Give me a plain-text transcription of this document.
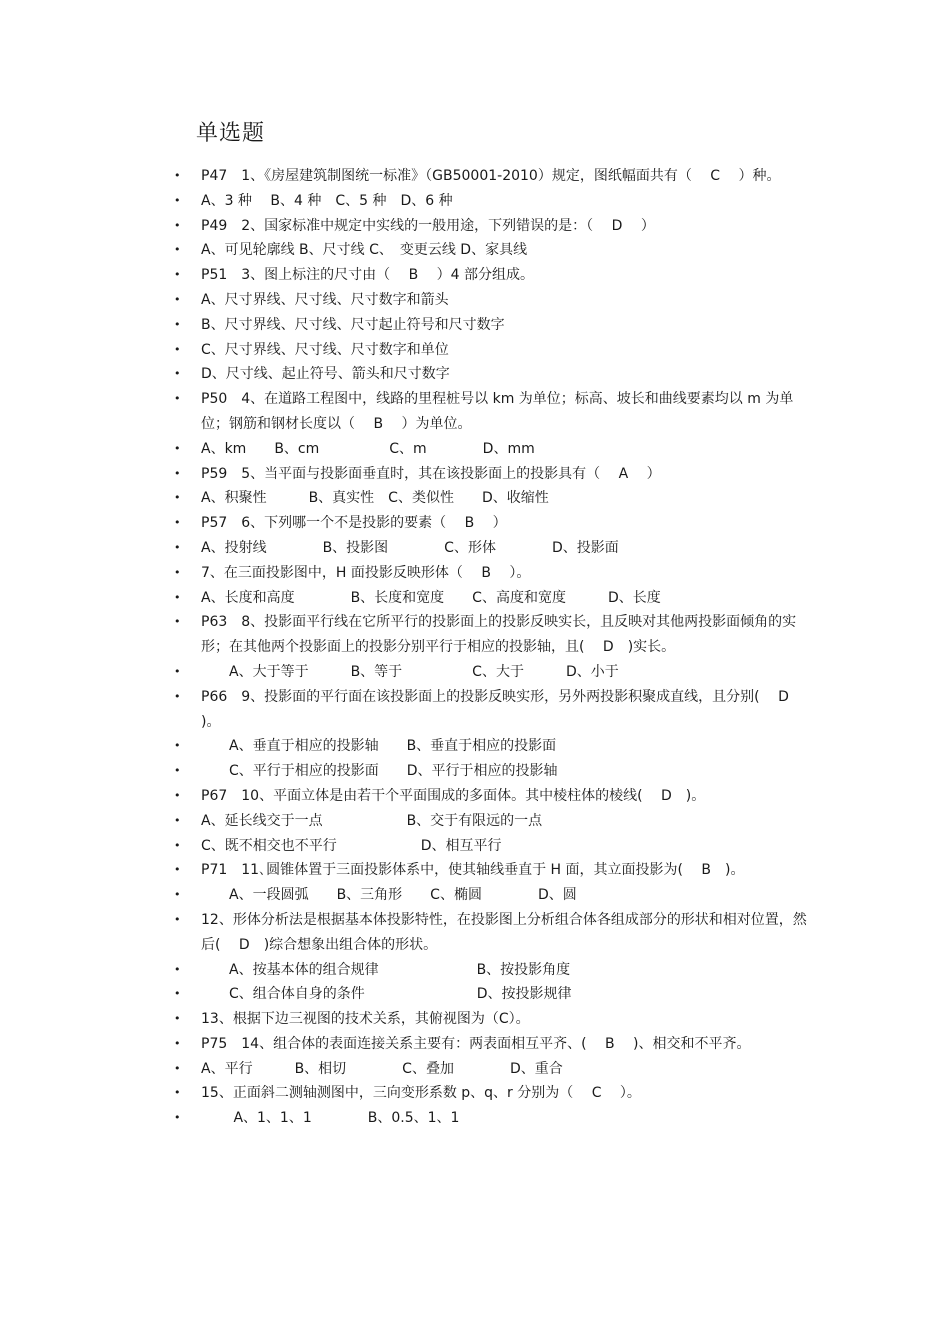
单选题
• P47　1、《房屋建筑制图统一标准》（GB50001-2010）规定，图纸幅面共有（　 C　 ）种。
• A、3 种　 B、4 种　C、5 种　D、6 种
• P49　2、国家标准中规定中实线的一般用途，下列错误的是：（　 D　 ）
• A、可见轮廓线 B、尺寸线 C、　变更云线 D、家具线
• P51　3、图上标注的尺寸由（　 B　 ）4 部分组成。
• A、尺寸界线、尺寸线、尺寸数字和箭头
• B、尺寸界线、尺寸线、尺寸起止符号和尺寸数字
• C、尺寸界线、尺寸线、尺寸数字和单位
• D、尺寸线、起止符号、箭头和尺寸数字
• P50　4、在道路工程图中，线路的里程桩号以 km 为单位；标高、坡长和曲线要素均以 m 为单位；钢筋和钢材长度以（　 B　 ）为单位。
• A、km　　B、cm　　　　　C、m　　　　D、mm
• P59　5、当平面与投影面垂直时，其在该投影面上的投影具有（　 A　 ）
• A、积聚性　　　B、真实性　C、类似性　　D、收缩性
• P57　6、下列哪一个不是投影的要素（　 B　 ）
• A、投射线　　　　B、投影图　　　　C、形体　　　　D、投影面
• 7、在三面投影图中，H 面投影反映形体（　 B　 ）。
• A、长度和高度　　　　B、长度和宽度　　C、高度和宽度　　　D、长度
• P63　8、投影面平行线在它所平行的投影面上的投影反映实长，且反映对其他两投影面倾角的实形；在其他两个投影面上的投影分别平行于相应的投影轴，且(　 D　)实长。
• 　　A、大于等于　　　B、等于　　　　　C、大于　　　D、小于
• P66　9、投影面的平行面在该投影面上的投影反映实形，另外两投影积聚成直线，且分别(　 D )。
• 　　A、垂直于相应的投影轴　　B、垂直于相应的投影面
• 　　C、平行于相应的投影面　　D、平行于相应的投影轴
• P67　10、平面立体是由若干个平面围成的多面体。其中棱柱体的棱线(　 D　)。
• A、延长线交于一点　　　　　　B、交于有限远的一点
• C、既不相交也不平行　　　　　　D、相互平行
• P71　11､圆锥体置于三面投影体系中，使其轴线垂直于 H 面，其立面投影为(　 B　)。
• 　　A、一段圆弧　　B、三角形　　C、椭圆　　　　D、圆
• 12、形体分析法是根据基本体投影特性，在投影图上分析组合体各组成部分的形状和相对位置，然后(　 D　)综合想象出组合体的形状。
• 　　A、按基本体的组合规律　　　　　　　B、按投影角度
• 　　C、组合体自身的条件　　　　　　　　D、按投影规律
• 13、根据下边三视图的技术关系，其俯视图为（C）。
• P75　14、组合体的表面连接关系主要有：两表面相互平齐、(　 B　 )、相交和不平齐。
• A、平行　　　B、相切　　　　C、叠加　　　　D、重合
• 15、正面斜二测轴测图中，三向变形系数 p、q、r 分别为（　 C　 ）。
• 　　 A、1、1、1　　　　B、0.5、1、1
